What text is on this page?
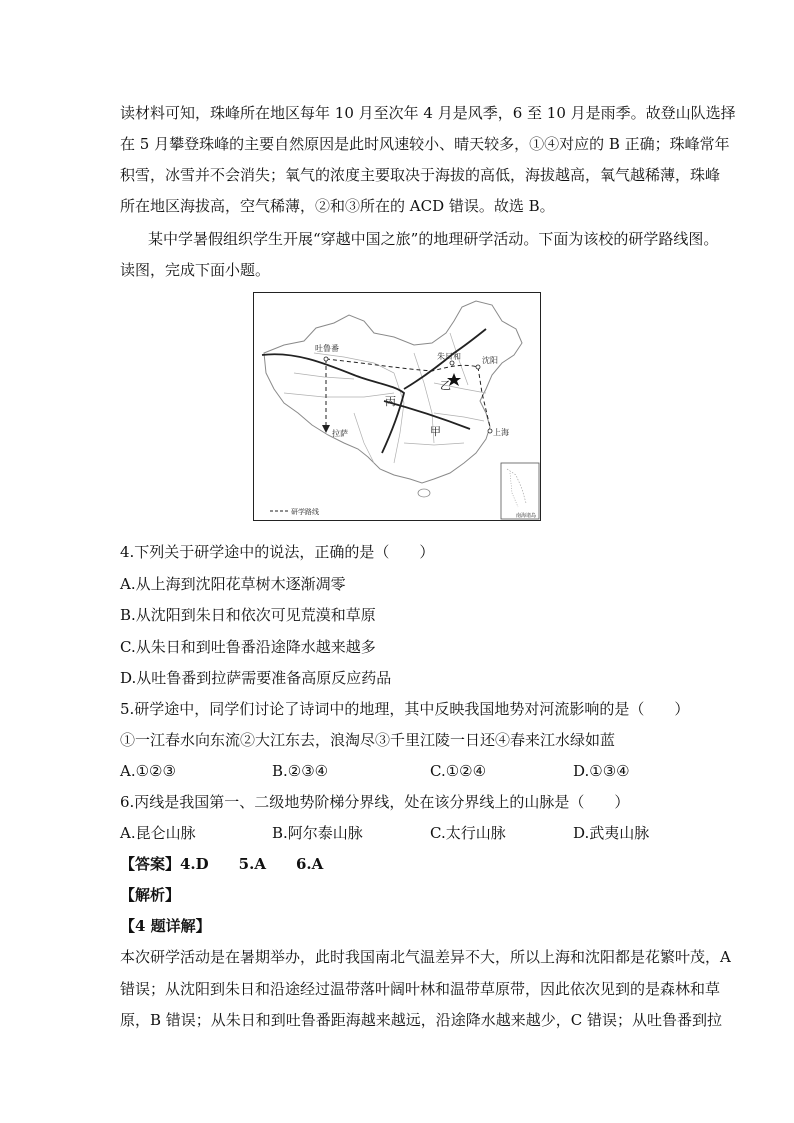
读材料可知，珠峰所在地区每年 10 月至次年 4 月是风季，6 至 10 月是雨季。故登山队选择
在 5 月攀登珠峰的主要自然原因是此时风速较小、晴天较多，①④对应的 B 正确；珠峰常年
积雪，冰雪并不会消失；氧气的浓度主要取决于海拔的高低，海拔越高，氧气越稀薄，珠峰
所在地区海拔高，空气稀薄，②和③所在的 ACD 错误。故选 B。
某中学暑假组织学生开展“穿越中国之旅”的地理研学活动。下面为该校的研学路线图。
读图，完成下面小题。
吐鲁番
朱日和	沈阳
拉萨	上海
丙
甲
乙
研学路线	南海诸岛
4.下列关于研学途中的说法，正确的是（　　）
A.从上海到沈阳花草树木逐渐凋零
B.从沈阳到朱日和依次可见荒漠和草原
C.从朱日和到吐鲁番沿途降水越来越多
D.从吐鲁番到拉萨需要准备高原反应药品
5.研学途中，同学们讨论了诗词中的地理，其中反映我国地势对河流影响的是（　　）
①一江春水向东流②大江东去，浪淘尽③千里江陵一日还④春来江水绿如蓝
A.①②③	B.②③④	C.①②④	D.①③④
6.丙线是我国第一、二级地势阶梯分界线，处在该分界线上的山脉是（　　）
A.昆仑山脉	B.阿尔泰山脉	C.太行山脉	D.武夷山脉
【答案】4.D　　5.A　　6.A
【解析】
【4 题详解】
本次研学活动是在暑期举办，此时我国南北气温差异不大，所以上海和沈阳都是花繁叶茂，A
错误；从沈阳到朱日和沿途经过温带落叶阔叶林和温带草原带，因此依次见到的是森林和草
原，B 错误；从朱日和到吐鲁番距海越来越远，沿途降水越来越少，C 错误；从吐鲁番到拉
